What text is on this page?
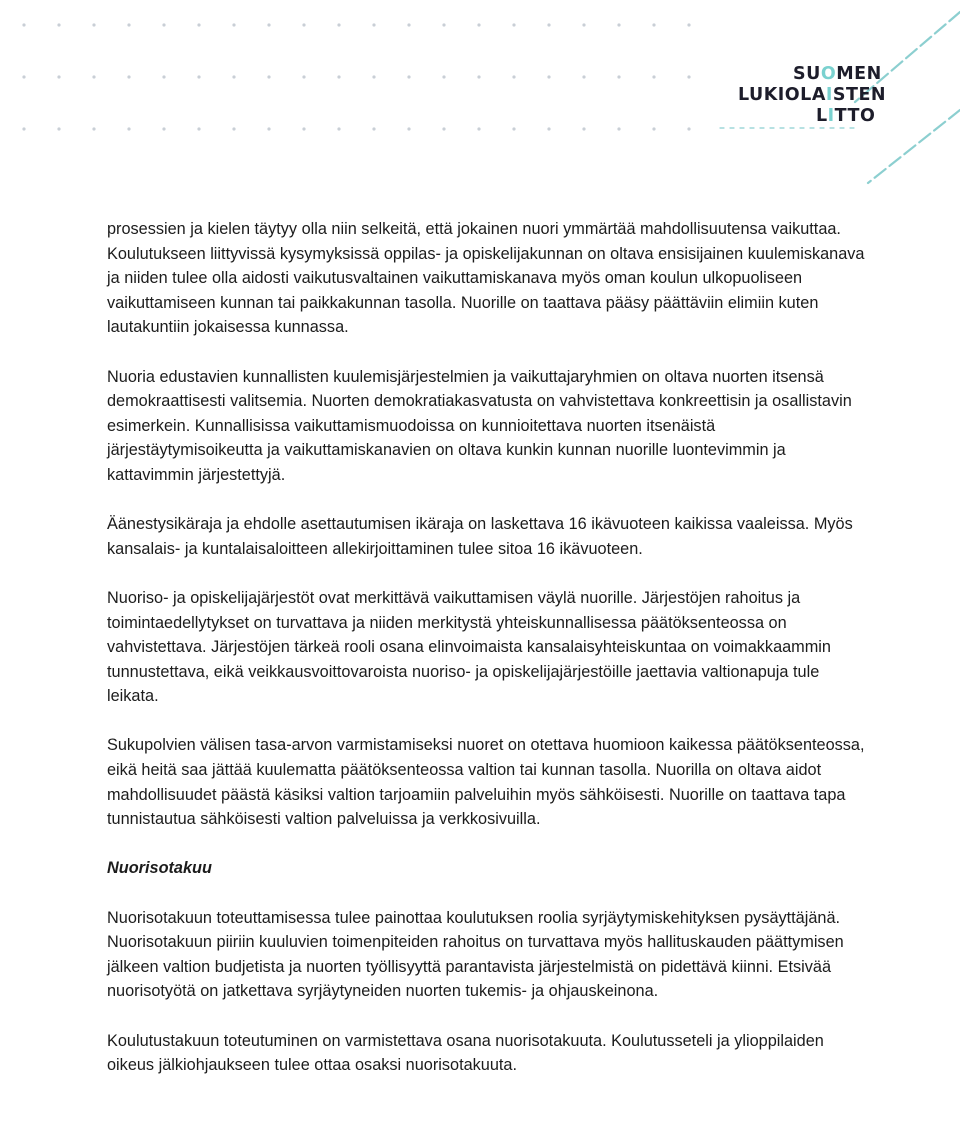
SUOMEN
LUKIOLAISTEN
LITTO

prosessien ja kielen täytyy olla niin selkeitä, että jokainen nuori ymmärtää mahdollisuutensa vaikuttaa. Koulutukseen liittyvissä kysymyksissä oppilas- ja opiskelijakunnan on oltava ensisijainen kuulemiskanava ja niiden tulee olla aidosti vaikutusvaltainen vaikuttamiskanava myös oman koulun ulkopuoliseen vaikuttamiseen kunnan tai paikkakunnan tasolla. Nuorille on taattava pääsy päättäviin elimiin kuten lautakuntiin jokaisessa kunnassa.

Nuoria edustavien kunnallisten kuulemisjärjestelmien ja vaikuttajaryhmien on oltava nuorten itsensä demokraattisesti valitsemia. Nuorten demokratiakasvatusta on vahvistettava konkreettisin ja osallistavin esimerkein. Kunnallisissa vaikuttamismuodoissa on kunnioitettava nuorten itsenäistä järjestäytymisoikeutta ja vaikuttamiskanavien on oltava kunkin kunnan nuorille luontevimmin ja kattavimmin järjestettyjä.

Äänestysikäraja ja ehdolle asettautumisen ikäraja on laskettava 16 ikävuoteen kaikissa vaaleissa. Myös kansalais- ja kuntalaisaloitteen allekirjoittaminen tulee sitoa 16 ikävuoteen.

Nuoriso- ja opiskelijajärjestöt ovat merkittävä vaikuttamisen väylä nuorille. Järjestöjen rahoitus ja toimintaedellytykset on turvattava ja niiden merkitystä yhteiskunnallisessa päätöksenteossa on vahvistettava. Järjestöjen tärkeä rooli osana elinvoimaista kansalaisyhteiskuntaa on voimakkaammin tunnustettava, eikä veikkausvoittovaroista nuoriso- ja opiskelijajärjestöille jaettavia valtionapuja tule leikata.

Sukupolvien välisen tasa-arvon varmistamiseksi nuoret on otettava huomioon kaikessa päätöksenteossa, eikä heitä saa jättää kuulematta päätöksenteossa valtion tai kunnan tasolla. Nuorilla on oltava aidot mahdollisuudet päästä käsiksi valtion tarjoamiin palveluihin myös sähköisesti. Nuorille on taattava tapa tunnistautua sähköisesti valtion palveluissa ja verkkosivuilla.

Nuorisotakuu

Nuorisotakuun toteuttamisessa tulee painottaa koulutuksen roolia syrjäytymiskehityksen pysäyttäjänä. Nuorisotakuun piiriin kuuluvien toimenpiteiden rahoitus on turvattava myös hallituskauden päättymisen jälkeen valtion budjetista ja nuorten työllisyyttä parantavista järjestelmistä on pidettävä kiinni. Etsivää nuorisotyötä on jatkettava syrjäytyneiden nuorten tukemis- ja ohjauskeinona.

Koulutustakuun toteutuminen on varmistettava osana nuorisotakuuta. Koulutusseteli ja ylioppilaiden oikeus jälkiohjaukseen tulee ottaa osaksi nuorisotakuuta.
